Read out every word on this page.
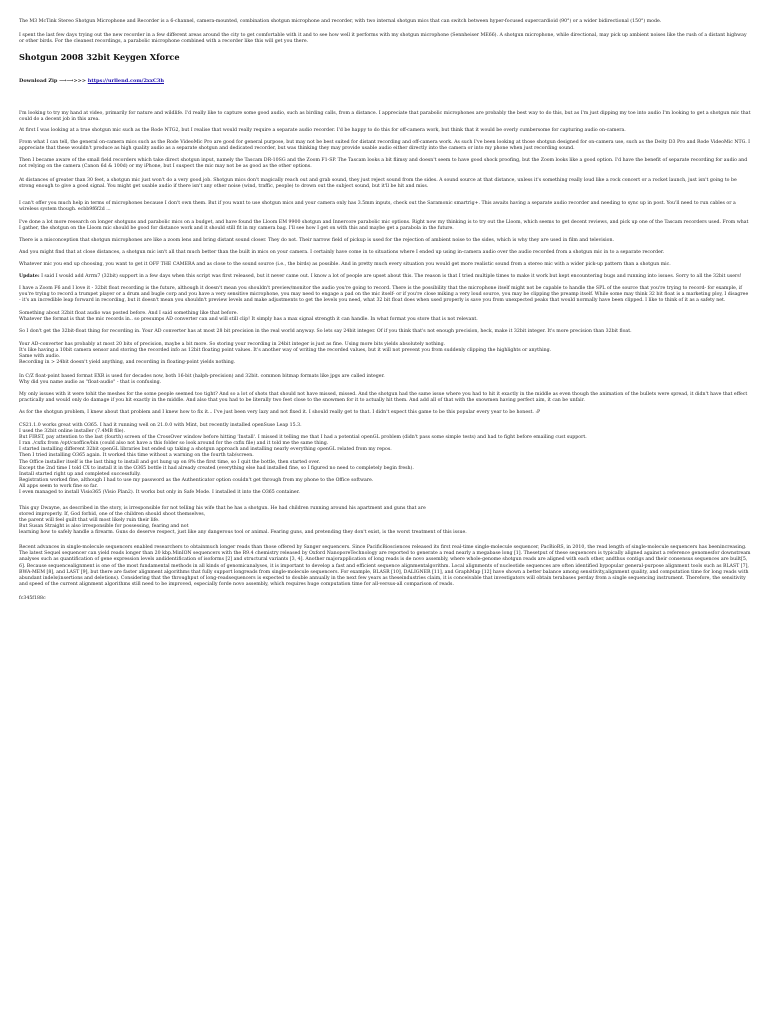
The M3 McTink Stereo Shotgun Microphone and Recorder is a 6-channel, camera-mounted, combination shotgun microphone and recorder, with two internal shotgun mics that can switch between hyper-focused supercardioid (90°) or a wider bidirectional (150°) mode.

I spent the last few days trying out the new recorder in a few different areas around the city to get comfortable with it and to see how well it performs with my shotgun microphone (Sennheiser ME66). A shotgun microphone, while directional, may pick up ambient noises like the rush of a distant highway or other birds. For the cleanest recordings, a parabolic microphone combined with a recorder like this will get you there.

Shotgun 2008 32bit Keygen Xforce

Download Zip ⟶⟶>>> https://urllend.com/2xxC3h

I'm looking to try my hand at video, primarily for nature and wildlife. I'd really like to capture some good audio, such as birding calls, from a distance. I appreciate that parabolic microphones are probably the best way to do this, but as I'm just dipping my toe into audio I'm looking to get a shotgun mic that could do a decent job in this area.

At first I was looking at a true shotgun mic such as the Rode NTG2, but I realise that would really require a separate audio recorder. I'd be happy to do this for off-camera work, but think that it would be overly cumbersome for capturing audio on-camera.

From what I can tell, the general on-camera mics such as the Rode VideoMic Pro are good for general purpose, but may not be best suited for distant recording and off-camera work. As such I've been looking at those shotgun designed for on-camera use, such as the Deity D3 Pro and Rode VideoMic NTG. I appreciate that these wouldn't produce as high quality audio as a separate shotgun and dedicated recorder, but was thinking they may provide usable audio either directly into the camera or into my phone when just recording sound.

Then I became aware of the small field recorders which take direct shotgun input, namely the Tascam DR-10SG and the Zoom F1-SP. The Tascam looks a bit flimsy and doesn't seem to have good shock proofing, but the Zoom looks like a good option. I'd have the benefit of separate recording for audio and not relying on the camera (Canon 6d & 100d) or my iPhone, but I suspect the mic may not be as good as the other options.

At distances of greater than 30 feet, a shotgun mic just won't do a very good job. Shotgun mics don't magically reach out and grab sound, they just reject sound from the sides. A sound source at that distance, unless it's something really loud like a rock concert or a rocket launch, just isn't going to be strong enough to give a good signal. You might get usable audio if there isn't any other noise (wind, traffic, people) to drown out the subject sound, but it'll be hit and miss.

I can't offer you much help in terms of microphones because I don't own them. But if you want to use shotgun mics and your camera only has 3.5mm inputs, check out the Saramonic smartrig+. This awaits having a separate audio recorder and needing to sync up in post. You'll need to run cables or a wireless system though. ecbb9f6f2d ...

I've done a lot more research on longer shotguns and parabolic mics on a budget, and have found the Lloom EM 9900 shotgun and Innercore parabolic mic options. Right now my thinking is to try out the Lloom, which seems to get decent reviews, and pick up one of the Tascam recorders used. From what I gather, the shotgun on the Lloom mic should be good for distance work and it should still fit in my camera bag. I'll see how I get on with this and maybe get a parabola in the future.

There is a misconception that shotgun microphones are like a zoom lens and bring distant sound closer. They do not. Their narrow field of pickup is used for the rejection of ambient noise to the sides, which is why they are used in film and television.

And you might find that at close distances, a shotgun mic isn't all that much better than the built in mics on your camera. I certainly have come in to situations where I ended up using in-camera audio over the audio recorded from a shotgun mic in to a separate recorder.

Whatever mic you end up choosing, you want to get it OFF THE CAMERA and as close to the sound source (i.e., the birds) as possible. And in pretty much every situation you would get more realistic sound from a stereo mic with a wider pick-up pattern than a shotgun mic.

Update: I said I would add Arrm7 (32bit) support in a few days when this script was first released, but it never came out. I know a lot of people are upset about this. The reason is that I tried multiple times to make it work but kept encountering bugs and running into issues. Sorry to all the 32bit users!

I have a Zoom F6 and I love it - 32bit float recording is the future, although it doesn't mean you shouldn't preview/monitor the audio you're going to record. There is the possibility that the microphone itself might not be capable to handle the SPL of the source that you're trying to record- for example, if you're trying to record a trumpet player or a drum and bugle corp and you have a very sensitive microphone, you may need to engage a pad on the mic itself- or if you're close miking a very loud source, you may be clipping the preamp itself. While some may think 32 bit float is a marketing ploy, I disagree - it's an incredible leap forward in recording, but it doesn't mean you shouldn't preview levels and make adjustments to get the levels you need, what 32 bit float does when used properly is save you from unexpected peaks that would normally have been clipped. I like to think of it as a safety net.

Something about 32bit float audio was posted before. And I said something like that before.
Whatever the format is that the mic records in.. so presumps AD converter can and will still clip! It simply has a max signal strength it can handle. In what format you store that is not relevant.

So I don't get the 32bit-float thing for recording in. Your AD converter has at most 28 bit precision in the real world anyway. So lets say 24bit integer. Of if you think that's not enough precision, heck, make it 32bit integer. It's more precision than 32bit float.

Your AD-converter has probably at most 20 bits of precision, maybe a bit more. So storing your recording in 24bit integer is just as fine. Using more bits yields absolutely nothing.
It's like having a 10bit camera sensor and storing the recorded info as 12bit floating point values. It's another way of writing the recorded values, but it will not prevent you from suddenly clipping the highlights or anything.
Same with audio.
Recording in > 24bit doesn't yield anything, and recording in floating-point yields nothing.
In C/Z float-point based format EXR is used for decades now, both 16-bit (halph-precision) and 32bit. common bitmap formats like jpgs are called integer.
Why did you name audio as "float-audio" - that is confusing.

My only issues with it were tohit the meshes for the some people seemed too tight? And so a lot of shots that should not have missed, missed. And the shotgun had the same issue where you had to hit it exactly in the middle as even though the animation of the bullets were spread, it didn't have that effect practically and would only do damage if you hit exactly in the middle. And also that you had to be literally two feet close to the snowmen for it to actually hit them. And add all of that with the snowmen having perfect aim, it can be unfair.

As for the shotgun problem, I knew about that problem and I knew how to fix it... I've just been very lazy and not fixed it. I should really get to that. I didn't expect this game to be this popular every year to be honest. :P

CS21.1.0 works great with O365. I had it running well on 21.0.0 with Mint, but recently installed openSuse Leap 15.3.
I used the 32bit online installer (7.4MB file).
But FIRST, pay attention to the last (fourth) screen of the CrossOver window before hitting 'Install'. I missed it telling me that I had a potential openGL problem (didn't pass some simple tests) and had to fight before emailing cust support.
I ran ./cxfix from /opt/cxoffice/bin (could also not have a this folder so look around for the cxfix file) and it told me the same thing.
I started installing different 32bit openGL libraries but ended up taking a shotgun approach and installing nearly everything openGL related from my repos.
Then I tried installing O365 again. It worked this time without a warning on the fourth tab/screen.
The Office installer itself is the last thing to install and got hung up on 8% the first time, so I quit the bottle, then started over.
Except the 2nd time I told CX to install it in the O365 bottle it had already created (everything else had installed fine, so I figured no need to completely begin fresh).
Install started right up and completed successfully.
Registration worked fine, although I had to use my password as the Authenticator option couldn't get through from my phone to the Office software.
All apps seem to work fine so far.
I even managed to install Visio365 (Visio Plan2). It works but only in Safe Mode. I installed it into the O365 container.
This guy Dwayne, as described in the story, is irresponsible for not telling his wife that he has a shotgun. He had children running around his apartment and guns that are
stored improperly. If, God forbid, one of the children should shoot themselves,
the parent will feel guilt that will most likely ruin their life.
But Susan Straight is also irresponsible for possessing, fearing and not
learning how to safely handle a firearm. Guns do deserve respect, just like any dangerous tool or animal. Fearing guns, and pretending they don't exist, is the worst treatment of this issue.

Recent advances in single-molecule sequencers enabled researchers to obtainmuch longer reads than those offered by Sanger sequencers. Since PacificBiosciences released its first real-time single-molecule sequencer, PacBioRS, in 2010, the read length of single-molecule sequencers has beenincreasing. The latest Sequel sequencer can yield reads longer than 20 kbp.MinION sequencers with the R9.4 chemistry released by Oxford NanoporeTechnology are reported to generate a read nearly a megabase long [1]. Thesetput of these sequencers is typically aligned against a reference genomesfor downstream analyses such as quantification of gene expression levels andidentification of isoforms [2] and structural variants [3, 4]. Another majorapplication of long reads is de novo assembly, where whole-genome shotgun reads are aligned with each other, andthus contigs and their consensus sequences are built[5, 6]. Because sequencealignment is one of the most fundamental methods in all kinds of genomicanalyses, it is important to develop a fast and efficient sequence alignmentalgorithm. Local alignments of nucleotide sequences are often identified bypopular general-purpose alignment tools such as BLAST [7], BWA-MEM [8], and LAST [9], but there are faster alignment algorithms that fully support longreads from single-molecule sequencers. For example, BLASR [10], DALIGNER [11], and GraphMap [12] have shown a better balance among sensitivity,alignment quality, and computation time for long reads with abundant indels(insertions and deletions). Considering that the throughput of long-readsequencers is expected to double annually in the next few years as theseindustries claim, it is conceivable that investigators will obtain terabases perday from a single sequencing instrument. Therefore, the sensitivity and speed of the current alignment algorithms still need to be improved, especially forde novo assembly, which requires huge computation time for all-versus-all comparison of reads.

fc345f188c
